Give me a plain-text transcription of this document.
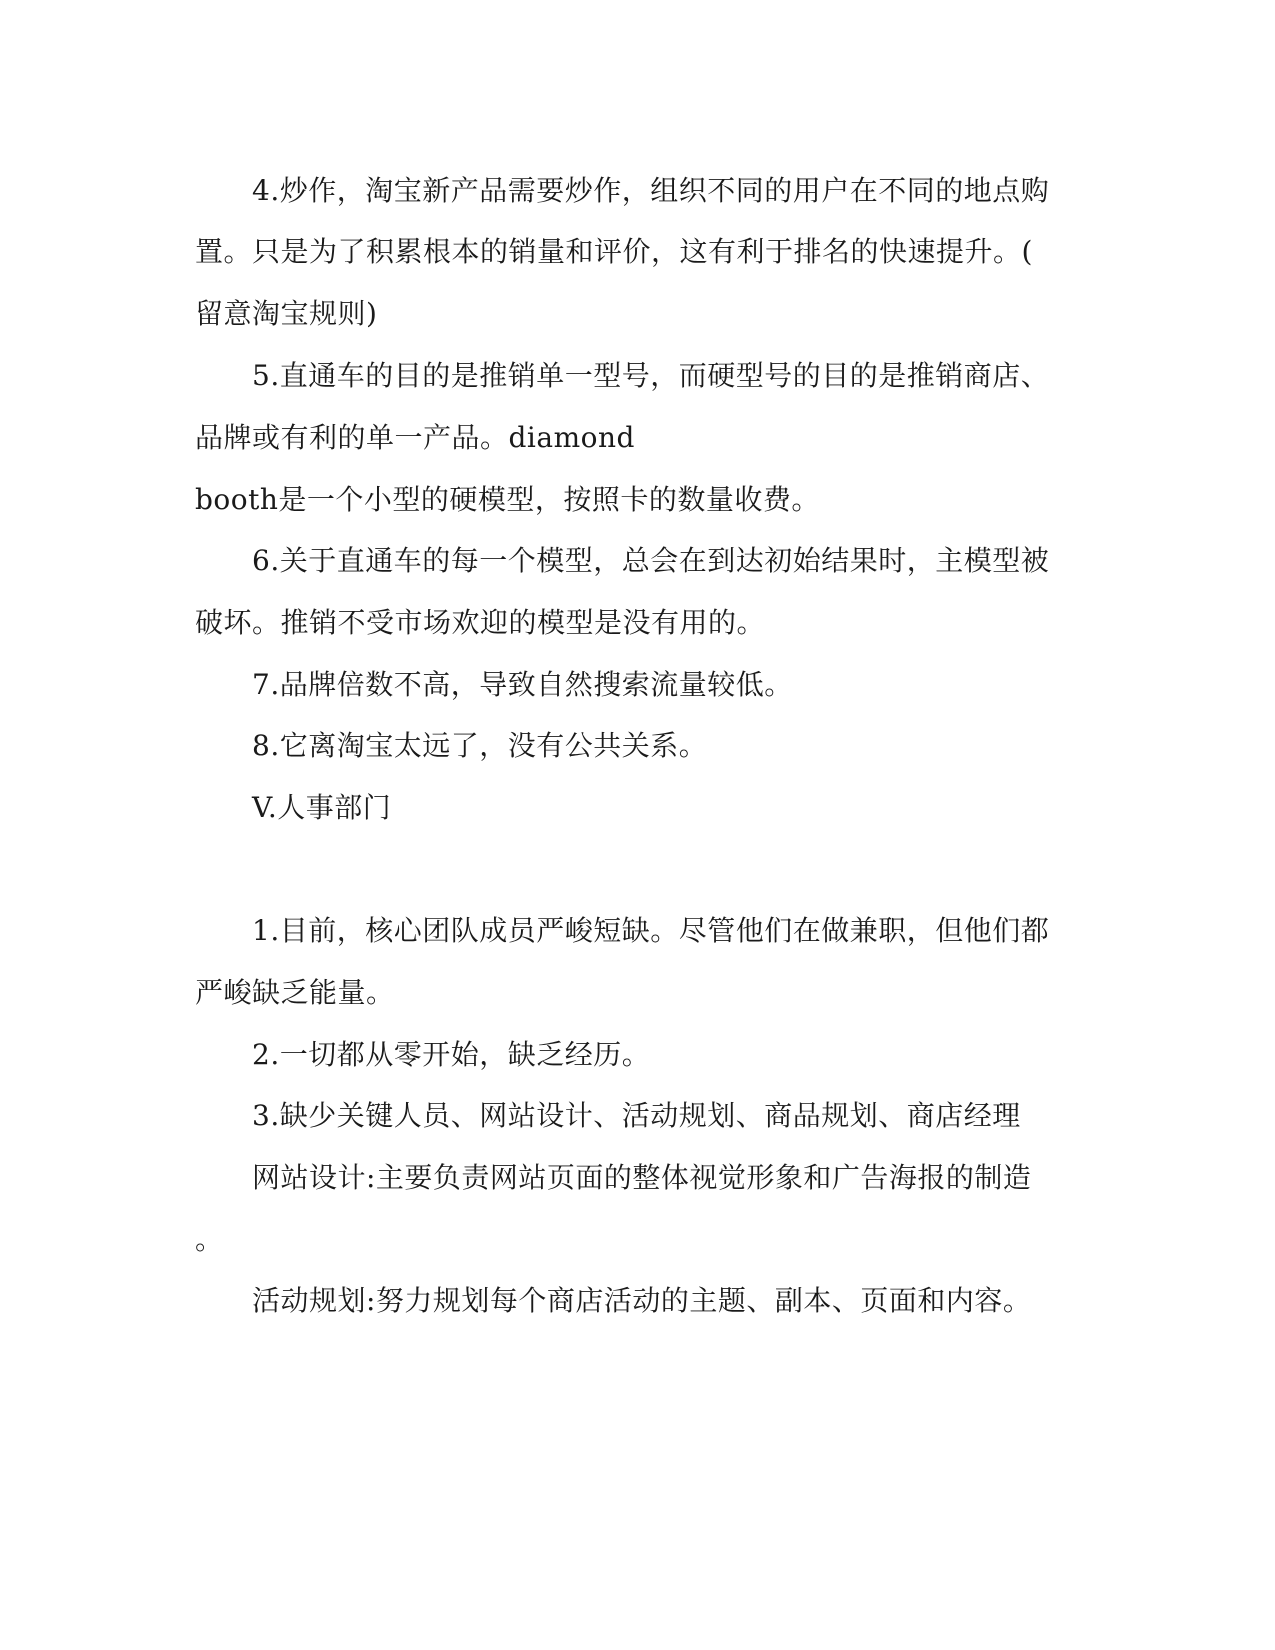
4.炒作，淘宝新产品需要炒作，组织不同的用户在不同的地点购

置。只是为了积累根本的销量和评价，这有利于排名的快速提升。(

留意淘宝规则)

5.直通车的目的是推销单一型号，而硬型号的目的是推销商店、

品牌或有利的单一产品。diamond

booth是一个小型的硬模型，按照卡的数量收费。

6.关于直通车的每一个模型，总会在到达初始结果时，主模型被

破坏。推销不受市场欢迎的模型是没有用的。

7.品牌倍数不高，导致自然搜索流量较低。

8.它离淘宝太远了，没有公共关系。

V.人事部门

1.目前，核心团队成员严峻短缺。尽管他们在做兼职，但他们都

严峻缺乏能量。

2.一切都从零开始，缺乏经历。

3.缺少关键人员、网站设计、活动规划、商品规划、商店经理

网站设计:主要负责网站页面的整体视觉形象和广告海报的制造

。

活动规划:努力规划每个商店活动的主题、副本、页面和内容。
